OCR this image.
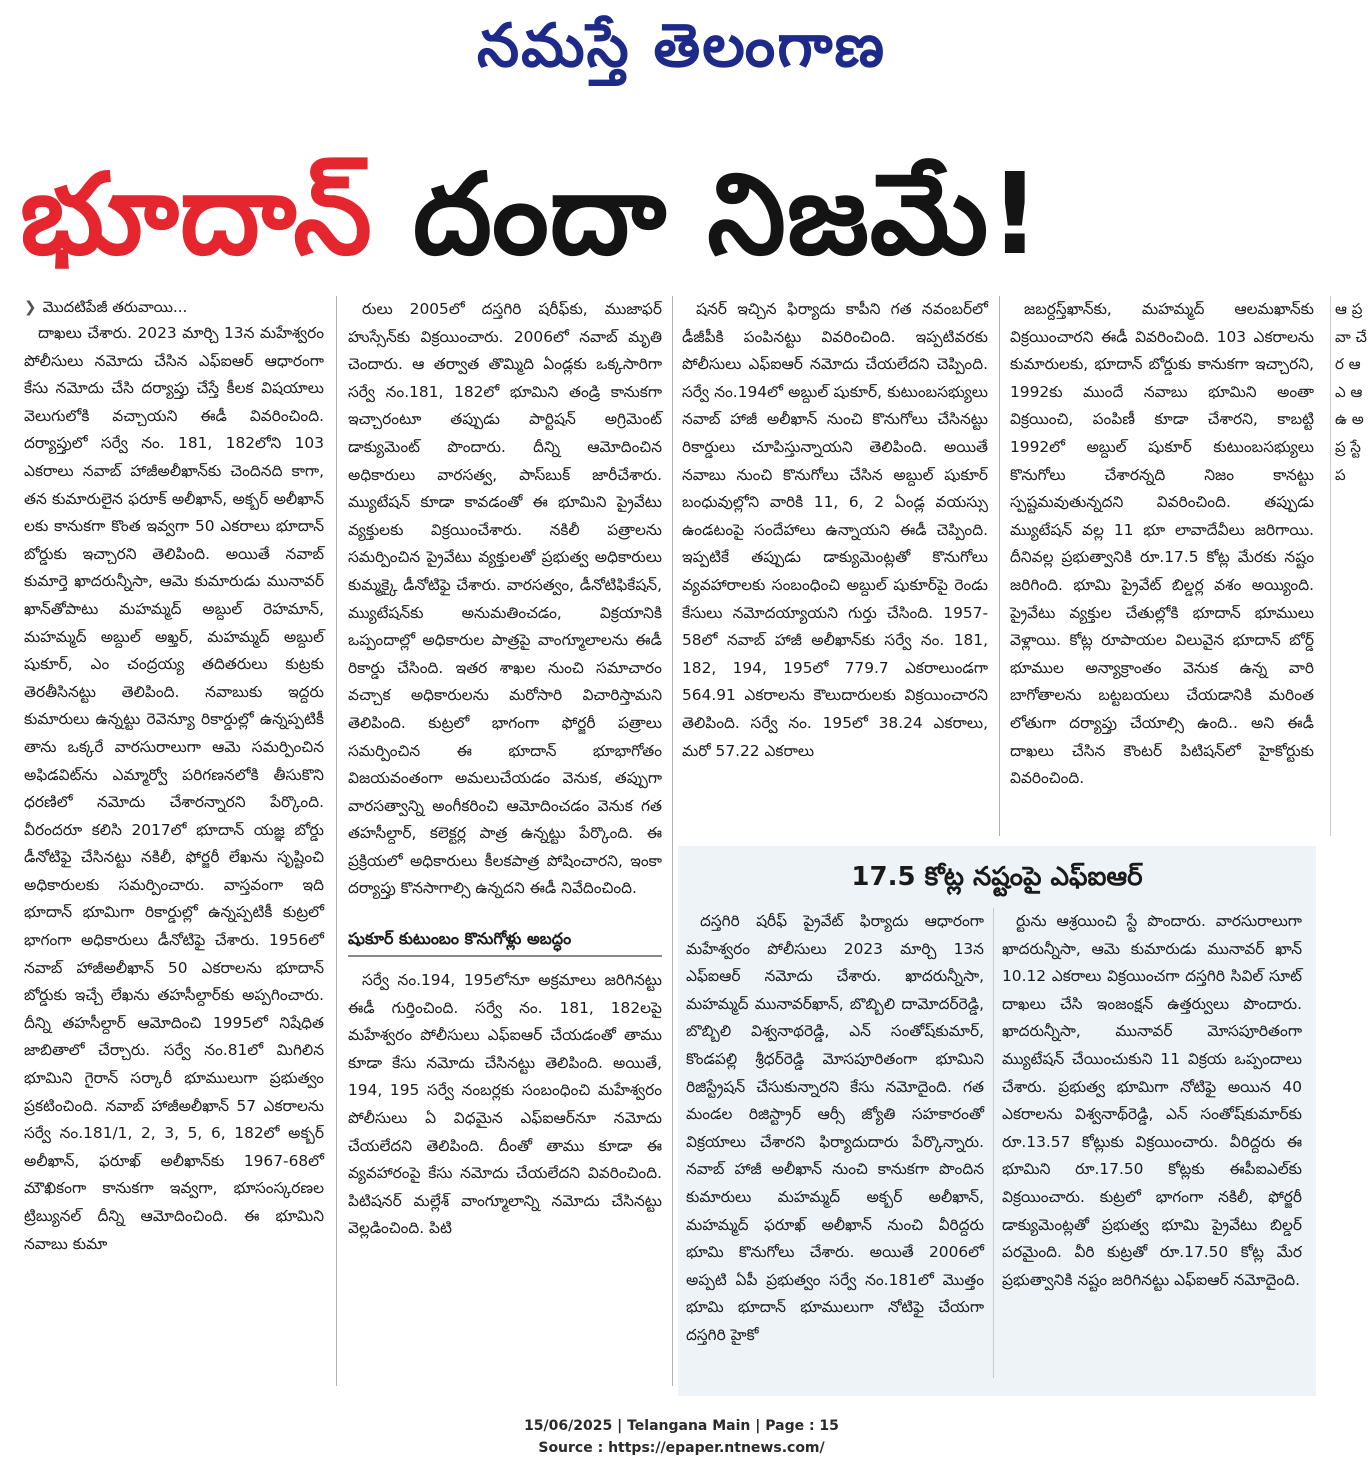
నమస్తే తెలంగాణ
భూదాన్ దందా నిజమే!
❯ మొదటిపేజీ తరువాయి...

దాఖలు చేశారు. 2023 మార్చి 13న మహేశ్వరం పోలీసులు నమోదు చేసిన ఎఫ్‌ఐఆర్ ఆధారంగా కేసు నమోదు చేసి దర్యాప్తు చేస్తే కీలక విషయాలు వెలుగులోకి వచ్చాయని ఈడీ వివరించింది. దర్యాప్తులో సర్వే నం. 181, 182లోని 103 ఎకరాలు నవాబ్ హాజీఅలీఖాన్‌కు చెందినది కాగా, తన కుమారులైన ఫరూక్ అలీఖాన్, అక్బర్ అలీఖాన్ లకు కానుకగా కొంత ఇవ్వగా 50 ఎకరాలు భూదాన్ బోర్డుకు ఇచ్చారని తెలిపింది. అయితే నవాబ్ కుమార్తె ఖాదరున్నీసా, ఆమె కుమారుడు మునావర్ ఖాన్‌తోపాటు మహమ్మద్ అబ్దుల్ రెహమాన్, మహమ్మద్ అబ్దుల్ అఖ్తర్, మహమ్మద్ అబ్దుల్ షుకూర్, ఎం చంద్రయ్య తదితరులు కుట్రకు తెరతీసినట్టు తెలిపింది. నవాబుకు ఇద్దరు కుమారులు ఉన్నట్టు రెవెన్యూ రికార్డుల్లో ఉన్నప్పటికీ తాను ఒక్కరే వారసురాలుగా ఆమె సమర్పించిన అఫిడవిట్‌ను ఎమ్మార్వో పరిగణనలోకి తీసుకొని ధరణిలో నమోదు చేశారన్నారని పేర్కొంది. వీరందరూ కలిసి 2017లో భూదాన్ యజ్ఞ బోర్డు డీనోటిఫై చేసినట్టు నకిలీ, ఫోర్జరీ లేఖను సృష్టించి అధికారులకు సమర్పించారు. వాస్తవంగా ఇది భూదాన్ భూమిగా రికార్డుల్లో ఉన్నప్పటికీ కుట్రలో భాగంగా అధికారులు డీనోటిఫై చేశారు. 1956లో నవాబ్ హాజీఅలీఖాన్ 50 ఎకరాలను భూదాన్ బోర్డుకు ఇచ్చే లేఖను తహసీల్దార్‌కు అప్పగించారు. దీన్ని తహసీల్దార్ ఆమోదించి 1995లో నిషేధిత జాబితాలో చేర్చారు. సర్వే నం.81లో మిగిలిన భూమిని గైరాన్ సర్కారీ భూములుగా ప్రభుత్వం ప్రకటించింది. నవాబ్ హాజీఅలీఖాన్ 57 ఎకరాలను సర్వే నం.181/1, 2, 3, 5, 6, 182లో అక్బర్ అలీఖాన్, ఫరూఖ్ అలీఖాన్‌కు 1967-68లో మౌఖికంగా కానుకగా ఇవ్వగా, భూసంస్కరణల ట్రిబ్యునల్ దీన్ని ఆమోదించింది. ఈ భూమిని నవాబు కుమా

రులు 2005లో దస్తగిరి షరీఫ్‌కు, ముజాఫర్ హుస్సేన్‌కు విక్రయించారు. 2006లో నవాబ్ మృతి చెందారు. ఆ తర్వాత తొమ్మిది ఏండ్లకు ఒక్కసారిగా సర్వే నం.181, 182లో భూమిని తండ్రి కానుకగా ఇచ్చారంటూ తప్పుడు పార్టిషన్ అగ్రిమెంట్ డాక్యుమెంట్ పొందారు. దీన్ని ఆమోదించిన అధికారులు వారసత్వ, పాస్‌బుక్ జారీచేశారు. మ్యుటేషన్ కూడా కావడంతో ఈ భూమిని ప్రైవేటు వ్యక్తులకు విక్రయించేశారు. నకిలీ పత్రాలను సమర్పించిన ప్రైవేటు వ్యక్తులతో ప్రభుత్వ అధికారులు కుమ్మక్కై డీనోటిఫై చేశారు. వారసత్వం, డీనోటిఫికేషన్, మ్యుటేషన్‌కు అనుమతించడం, విక్రయానికి ఒప్పందాల్లో అధికారుల పాత్రపై వాంగ్మూలాలను ఈడీ రికార్డు చేసింది. ఇతర శాఖల నుంచి సమాచారం వచ్చాక అధికారులను మరోసారి విచారిస్తామని తెలిపింది. కుట్రలో భాగంగా ఫోర్జరీ పత్రాలు సమర్పించిన ఈ భూదాన్ భూభాగోతం విజయవంతంగా అమలుచేయడం వెనుక, తప్పుగా వారసత్వాన్ని అంగీకరించి ఆమోదించడం వెనుక గత తహసీల్దార్, కలెక్టర్ల పాత్ర ఉన్నట్టు పేర్కొంది. ఈ ప్రక్రియలో అధికారులు కీలకపాత్ర పోషించారని, ఇంకా దర్యాప్తు కొనసాగాల్సి ఉన్నదని ఈడీ నివేదించింది.

షుకూర్ కుటుంబం కొనుగోళ్లు అబద్ధం

సర్వే నం.194, 195లోనూ అక్రమాలు జరిగినట్టు ఈడీ గుర్తించింది. సర్వే నం. 181, 182లపై మహేశ్వరం పోలీసులు ఎఫ్‌ఐఆర్ చేయడంతో తాము కూడా కేసు నమోదు చేసినట్టు తెలిపింది. అయితే, 194, 195 సర్వే నంబర్లకు సంబంధించి మహేశ్వరం పోలీసులు ఏ విధమైన ఎఫ్‌ఐఆర్‌నూ నమోదు చేయలేదని తెలిపింది. దీంతో తాము కూడా ఈ వ్యవహారంపై కేసు నమోదు చేయలేదని వివరించింది. పిటిషనర్ మల్లేశ్ వాంగ్మూలాన్ని నమోదు చేసినట్టు వెల్లడించింది. పిటి

షనర్ ఇచ్చిన ఫిర్యాదు కాపీని గత నవంబర్‌లో డీజీపీకి పంపినట్టు వివరించింది. ఇప్పటివరకు పోలీసులు ఎఫ్‌ఐఆర్ నమోదు చేయలేదని చెప్పింది. సర్వే నం.194లో అబ్దుల్ షుకూర్, కుటుంబసభ్యులు నవాబ్ హాజీ అలీఖాన్ నుంచి కొనుగోలు చేసినట్టు రికార్డులు చూపిస్తున్నాయని తెలిపింది. అయితే నవాబు నుంచి కొనుగోలు చేసిన అబ్దుల్ షుకూర్ బంధువుల్లోని వారికి 11, 6, 2 ఏండ్ల వయస్సు ఉండటంపై సందేహాలు ఉన్నాయని ఈడీ చెప్పింది. ఇప్పటికే తప్పుడు డాక్యుమెంట్లతో కొనుగోలు వ్యవహారాలకు సంబంధించి అబ్దుల్ షుకూర్‌పై రెండు కేసులు నమోదయ్యాయని గుర్తు చేసింది. 1957-58లో నవాబ్ హాజీ అలీఖాన్‌కు సర్వే నం. 181, 182, 194, 195లో 779.7 ఎకరాలుండగా 564.91 ఎకరాలను కౌలుదారులకు విక్రయించారని తెలిపింది. సర్వే నం. 195లో 38.24 ఎకరాలు, మరో 57.22 ఎకరాలు

జబర్దస్త్‌ఖాన్‌కు, మహమ్మద్ ఆలమఖాన్‌కు విక్రయించారని ఈడీ వివరించింది. 103 ఎకరాలను కుమారులకు, భూదాన్ బోర్డుకు కానుకగా ఇచ్చారని, 1992కు ముందే నవాబు భూమిని అంతా విక్రయించి, పంపిణీ కూడా చేశారని, కాబట్టి 1992లో అబ్దుల్ షుకూర్ కుటుంబసభ్యులు కొనుగోలు చేశారన్నది నిజం కానట్టు స్పష్టమవుతున్నదని వివరించింది. తప్పుడు మ్యుటేషన్ వల్ల 11 భూ లావాదేవీలు జరిగాయి. దీనివల్ల ప్రభుత్వానికి రూ.17.5 కోట్ల మేరకు నష్టం జరిగింది. భూమి ప్రైవేట్ బిల్డర్ల వశం అయ్యింది. ప్రైవేటు వ్యక్తుల చేతుల్లోకి భూదాన్ భూములు వెళ్లాయి. కోట్ల రూపాయల విలువైన భూదాన్ బోర్డ్ భూముల అన్యాక్రాంతం వెనుక ఉన్న వారి బాగోతాలను బట్టబయలు చేయడానికి మరింత లోతుగా దర్యాప్తు చేయాల్సి ఉంది.. అని ఈడీ దాఖలు చేసిన కౌంటర్ పిటిషన్‌లో హైకోర్టుకు వివరించింది.

ఆ ప్ర వా చే ర ఆ ఎ ఆ ఉ అ ప్ర స్టే ప
17.5 కోట్ల నష్టంపై ఎఫ్‌ఐఆర్

దస్తగిరి షరీఫ్ ప్రైవేట్ ఫిర్యాదు ఆధారంగా మహేశ్వరం పోలీసులు 2023 మార్చి 13న ఎఫ్‌ఐఆర్ నమోదు చేశారు. ఖాదరున్నీసా, మహమ్మద్ మునావర్‌ఖాన్, బొబ్బిలి దామోదర్‌రెడ్డి, బొబ్బిలి విశ్వనాథరెడ్డి, ఎన్ సంతోష్‌కుమార్, కొండపల్లి శ్రీధర్‌రెడ్డి మోసపూరితంగా భూమిని రిజిస్ట్రేషన్ చేసుకున్నారని కేసు నమోదైంది. గత మండల రిజిస్ట్రార్ ఆర్సీ జ్యోతి సహకారంతో విక్రయాలు చేశారని ఫిర్యాదుదారు పేర్కొన్నారు. నవాబ్ హాజీ అలీఖాన్ నుంచి కానుకగా పొందిన కుమారులు మహమ్మద్ అక్బర్ అలీఖాన్, మహమ్మద్ ఫరూఖ్ అలీఖాన్ నుంచి వీరిద్దరు భూమి కొనుగోలు చేశారు. అయితే 2006లో అప్పటి ఏపీ ప్రభుత్వం సర్వే నం.181లో మొత్తం భూమి భూదాన్ భూములుగా నోటిఫై చేయగా దస్తగిరి హైకో

ర్టును ఆశ్రయించి స్టే పొందారు. వారసురాలుగా ఖాదరున్నీసా, ఆమె కుమారుడు మునావర్ ఖాన్ 10.12 ఎకరాలు విక్రయించగా దస్తగిరి సివిల్ సూట్ దాఖలు చేసి ఇంజంక్షన్ ఉత్తర్వులు పొందారు. ఖాదరున్నీసా, మునావర్ మోసపూరితంగా మ్యుటేషన్ చేయించుకుని 11 విక్రయ ఒప్పందాలు చేశారు. ప్రభుత్వ భూమిగా నోటిఫై అయిన 40 ఎకరాలను విశ్వనాథ్‌రెడ్డి, ఎన్ సంతోష్‌కుమార్‌కు రూ.13.57 కోట్లుకు విక్రయించారు. వీరిద్దరు ఈ భూమిని రూ.17.50 కోట్లకు ఈపీఐఎల్‌కు విక్రయించారు. కుట్రలో భాగంగా నకిలీ, ఫోర్జరీ డాక్యుమెంట్లతో ప్రభుత్వ భూమి ప్రైవేటు బిల్డర్ పరమైంది. వీరి కుట్రతో రూ.17.50 కోట్ల మేర ప్రభుత్వానికి నష్టం జరిగినట్టు ఎఫ్‌ఐఆర్ నమోదైంది.

15/06/2025 | Telangana Main | Page : 15
Source : https://epaper.ntnews.com/
